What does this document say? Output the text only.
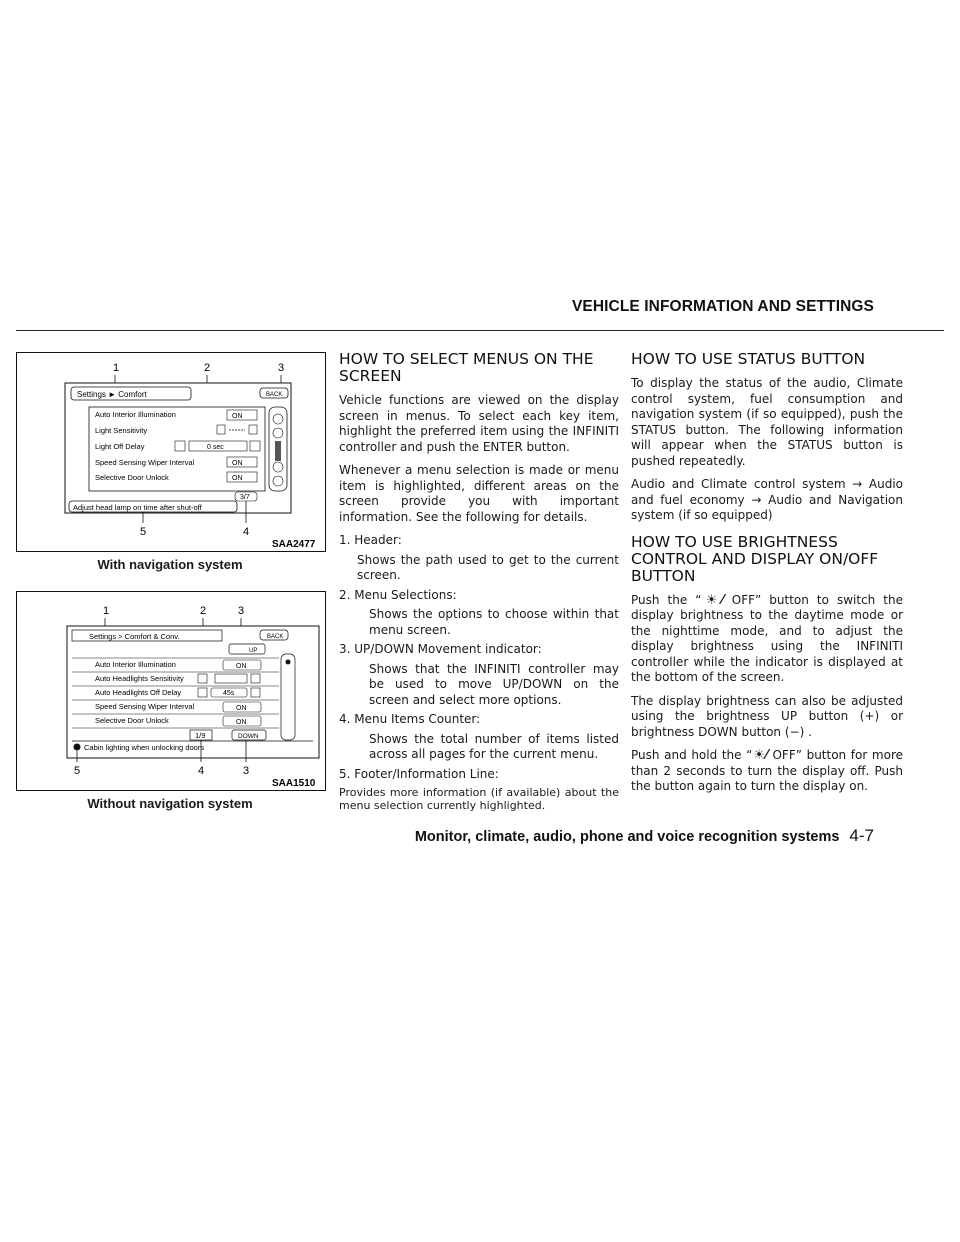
VEHICLE INFORMATION AND SETTINGS
1	2	3
Settings ► Comfort	BACK
Auto Interior Illumination	ON
Light Sensitivity
Light Off Delay	0 sec
Speed Sensing Wiper Interval	ON
Selective Door Unlock	ON
3/7
Adjust head lamp on time after shut-off
5	4
SAA2477
With navigation system
1	2	3
Settings > Comfort & Conv.	BACK
UP
Auto Interior Illumination	ON
Auto Headlights Sensitivity
Auto Headlights Off Delay	45s
Speed Sensing Wiper Interval	ON
Selective Door Unlock	ON
1/9	DOWN
Cabin lighting when unlocking doors
5	4	3
SAA1510
Without navigation system
HOW TO SELECT MENUS ON THE SCREEN

Vehicle functions are viewed on the display screen in menus. To select each key item, highlight the preferred item using the INFINITI controller and push the ENTER button.

Whenever a menu selection is made or menu item is highlighted, different areas on the screen provide you with important information. See the following for details.

1. Header:
Shows the path used to get to the current screen.
2. Menu Selections:
Shows the options to choose within that menu screen.
3. UP/DOWN Movement indicator:
Shows that the INFINITI controller may be used to move UP/DOWN on the screen and select more options.
4. Menu Items Counter:
Shows the total number of items listed across all pages for the current menu.
5. Footer/Information Line:
Provides more information (if available) about the menu selection currently highlighted.
HOW TO USE STATUS BUTTON

To display the status of the audio, Climate control system, fuel consumption and navigation system (if so equipped), push the STATUS button. The following information will appear when the STATUS button is pushed repeatedly.

Audio and Climate control system → Audio and fuel economy → Audio and Navigation system (if so equipped)

HOW TO USE BRIGHTNESS CONTROL AND DISPLAY ON/OFF BUTTON

Push the “☀⁄ OFF” button to switch the display brightness to the daytime mode or the nighttime mode, and to adjust the display brightness using the INFINITI controller while the indicator is displayed at the bottom of the screen.

The display brightness can also be adjusted using the brightness UP button (+) or brightness DOWN button (−) .

Push and hold the “☀⁄ OFF” button for more than 2 seconds to turn the display off. Push the button again to turn the display on.

Monitor, climate, audio, phone and voice recognition systems 4-7
